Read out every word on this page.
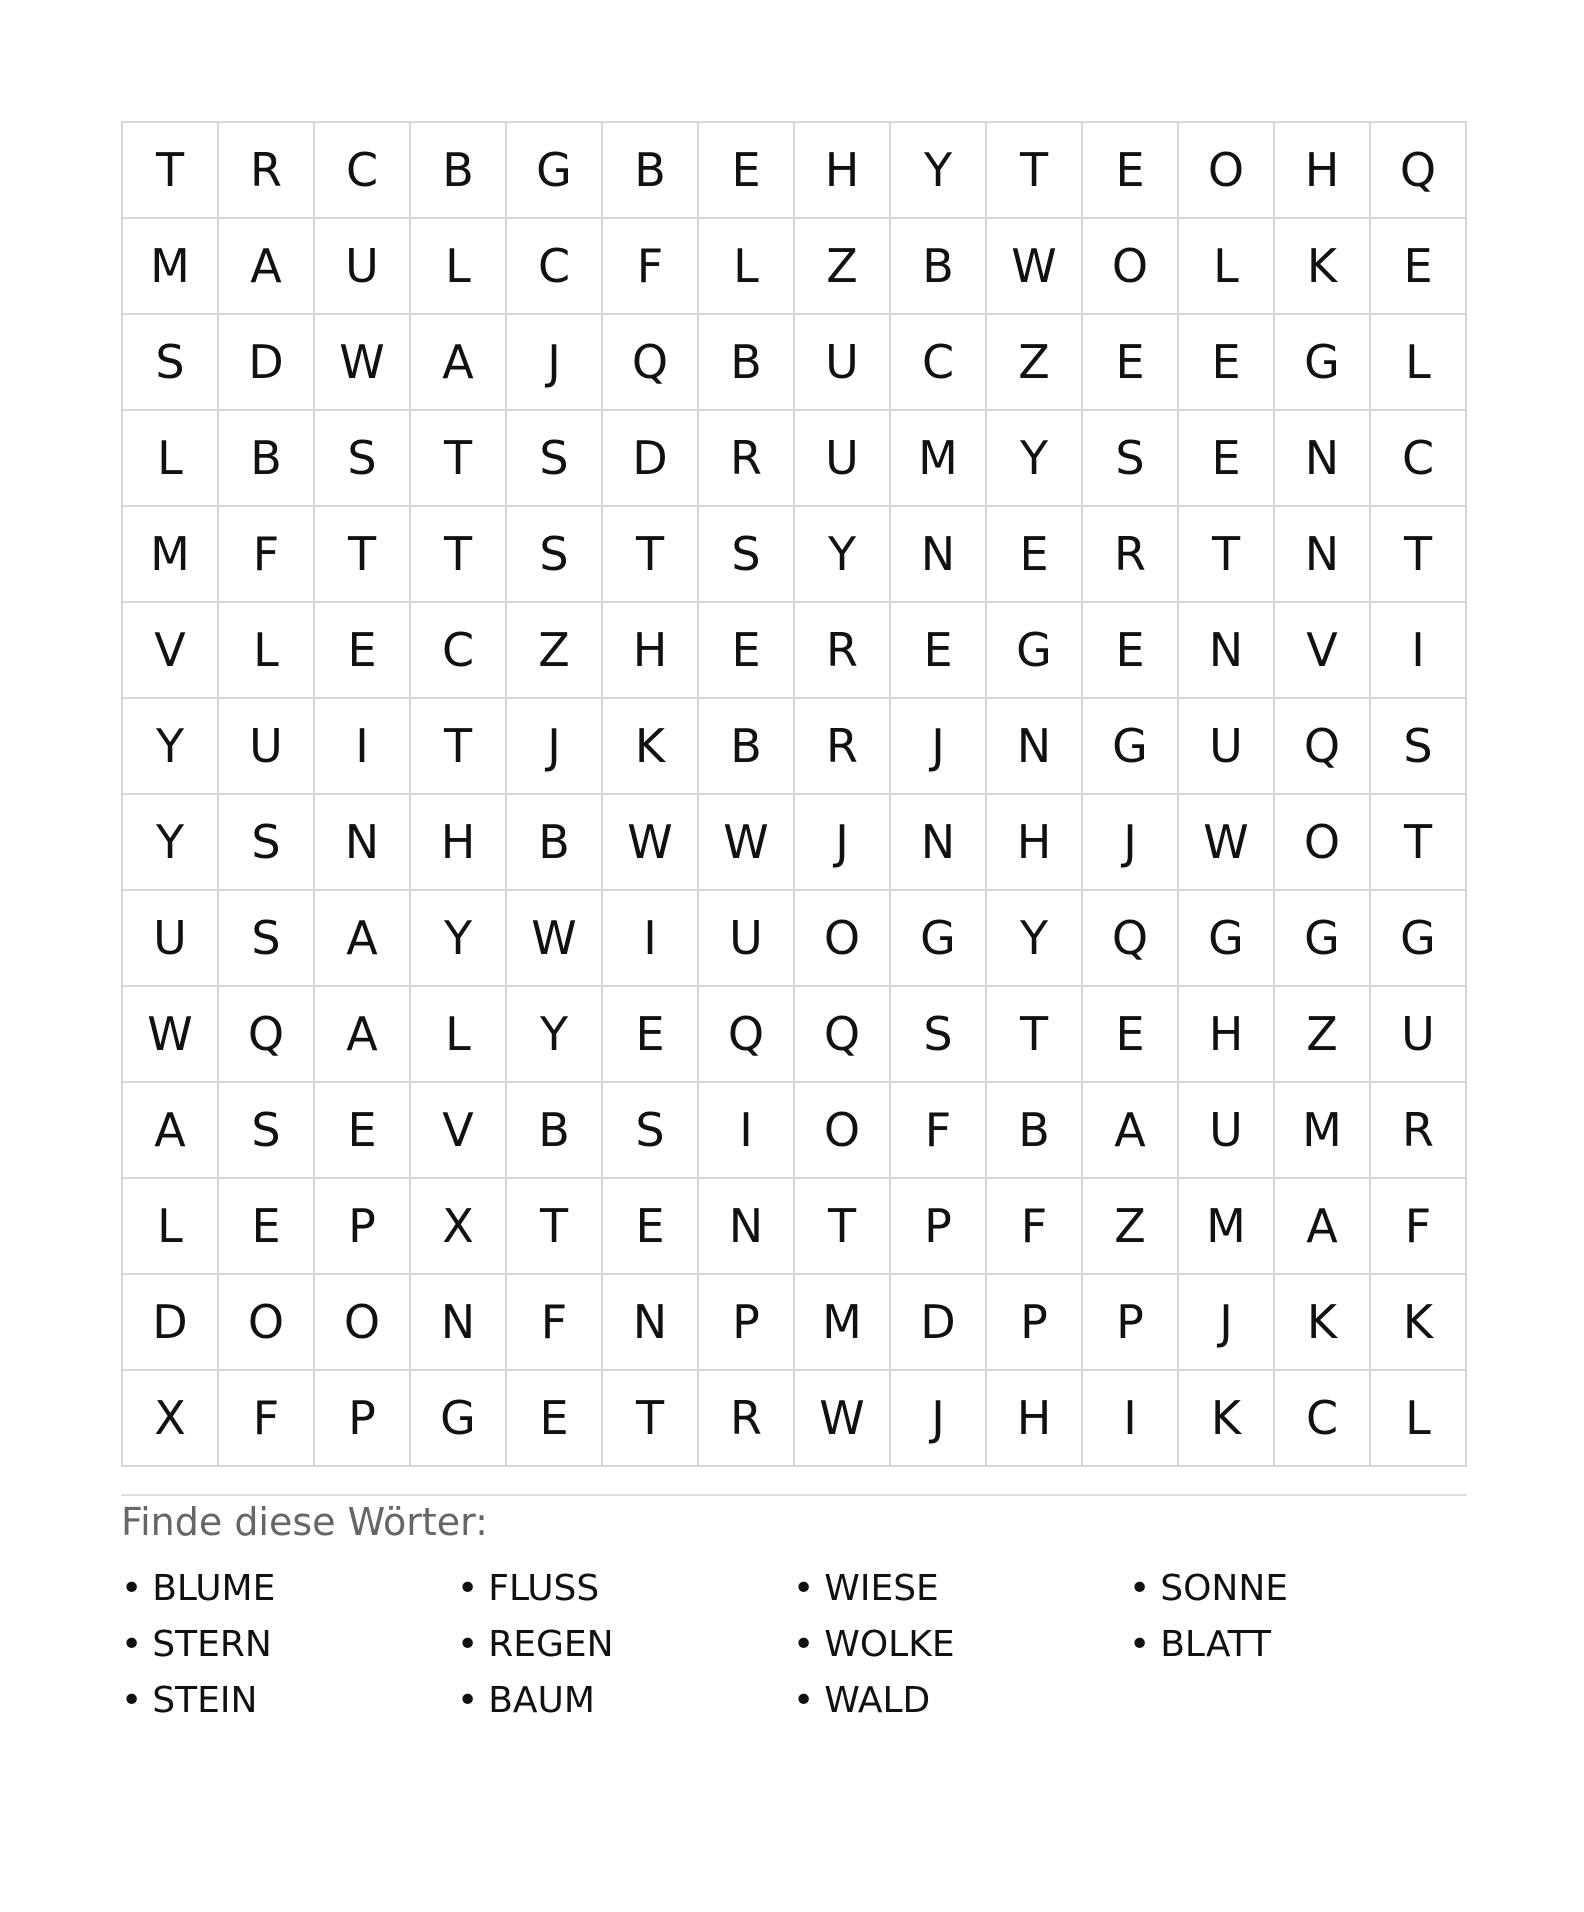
T	R	C	B	G	B	E	H	Y	T	E	O	H	Q
M	A	U	L	C	F	L	Z	B	W	O	L	K	E
S	D	W	A	J	Q	B	U	C	Z	E	E	G	L
L	B	S	T	S	D	R	U	M	Y	S	E	N	C
M	F	T	T	S	T	S	Y	N	E	R	T	N	T
V	L	E	C	Z	H	E	R	E	G	E	N	V	I
Y	U	I	T	J	K	B	R	J	N	G	U	Q	S
Y	S	N	H	B	W	W	J	N	H	J	W	O	T
U	S	A	Y	W	I	U	O	G	Y	Q	G	G	G
W	Q	A	L	Y	E	Q	Q	S	T	E	H	Z	U
A	S	E	V	B	S	I	O	F	B	A	U	M	R
L	E	P	X	T	E	N	T	P	F	Z	M	A	F
D	O	O	N	F	N	P	M	D	P	P	J	K	K
X	F	P	G	E	T	R	W	J	H	I	K	C	L
Finde diese Wörter:
• BLUME	• FLUSS	• WIESE	• SONNE
• STERN	• REGEN	• WOLKE	• BLATT
• STEIN	• BAUM	• WALD
